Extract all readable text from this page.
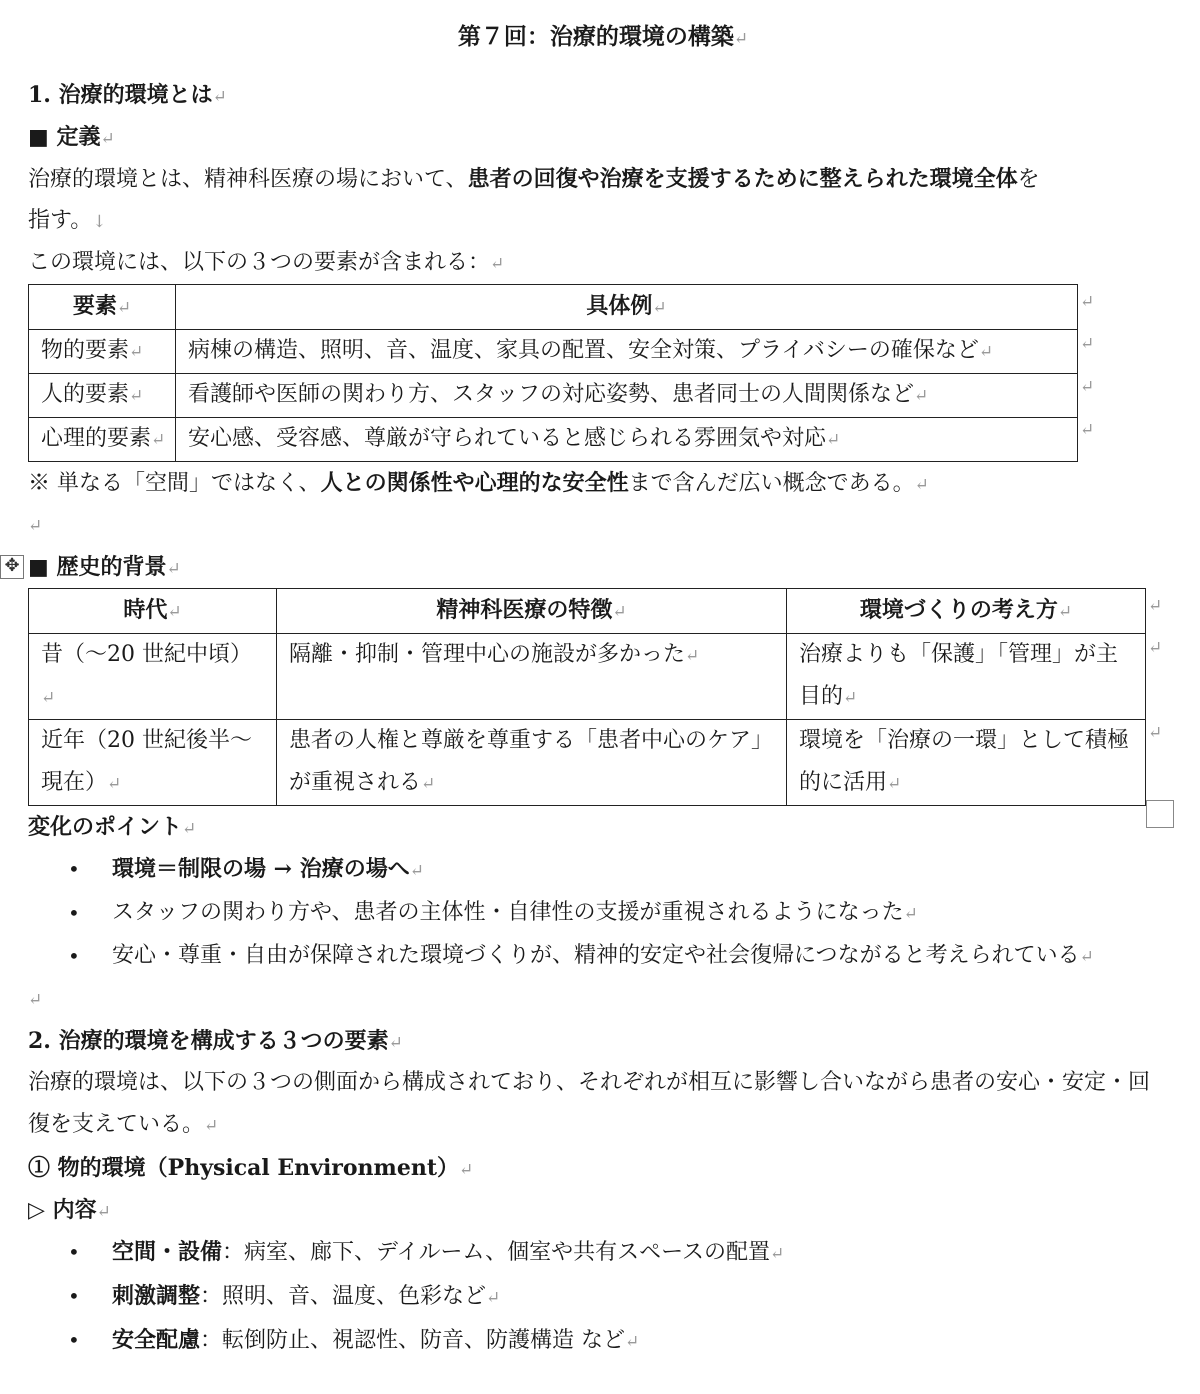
✥
第７回：治療的環境の構築↵
1. 治療的環境とは↵
■ 定義↵
治療的環境とは、精神科医療の場において、患者の回復や治療を支援するために整えられた環境全体を
指す。↓
この環境には、以下の３つの要素が含まれる：↵
要素↵	具体例↵
物的要素↵	病棟の構造、照明、音、温度、家具の配置、安全対策、プライバシーの確保など↵
人的要素↵	看護師や医師の関わり方、スタッフの対応姿勢、患者同士の人間関係など↵
心理的要素↵	安心感、受容感、尊厳が守られていると感じられる雰囲気や対応↵
↵
↵
↵
↵
※ 単なる「空間」ではなく、人との関係性や心理的な安全性まで含んだ広い概念である。↵
↵
■ 歴史的背景↵
時代↵	精神科医療の特徴↵	環境づくりの考え方↵
昔（〜20 世紀中頃）↵	隔離・抑制・管理中心の施設が多かった↵	治療よりも「保護」「管理」が主目的↵
近年（20 世紀後半〜現在）↵	患者の人権と尊厳を尊重する「患者中心のケア」が重視される↵	環境を「治療の一環」として積極的に活用↵
↵
↵
↵
変化のポイント↵
• 環境＝制限の場 → 治療の場へ↵
• スタッフの関わり方や、患者の主体性・自律性の支援が重視されるようになった↵
• 安心・尊重・自由が保障された環境づくりが、精神的安定や社会復帰につながると考えられている↵
↵
2. 治療的環境を構成する３つの要素↵
治療的環境は、以下の３つの側面から構成されており、それぞれが相互に影響し合いながら患者の安心・安定・回復を支えている。↵
① 物的環境（Physical Environment）↵
▷ 内容↵
• 空間・設備：病室、廊下、デイルーム、個室や共有スペースの配置↵
• 刺激調整：照明、音、温度、色彩など↵
• 安全配慮：転倒防止、視認性、防音、防護構造 など↵
